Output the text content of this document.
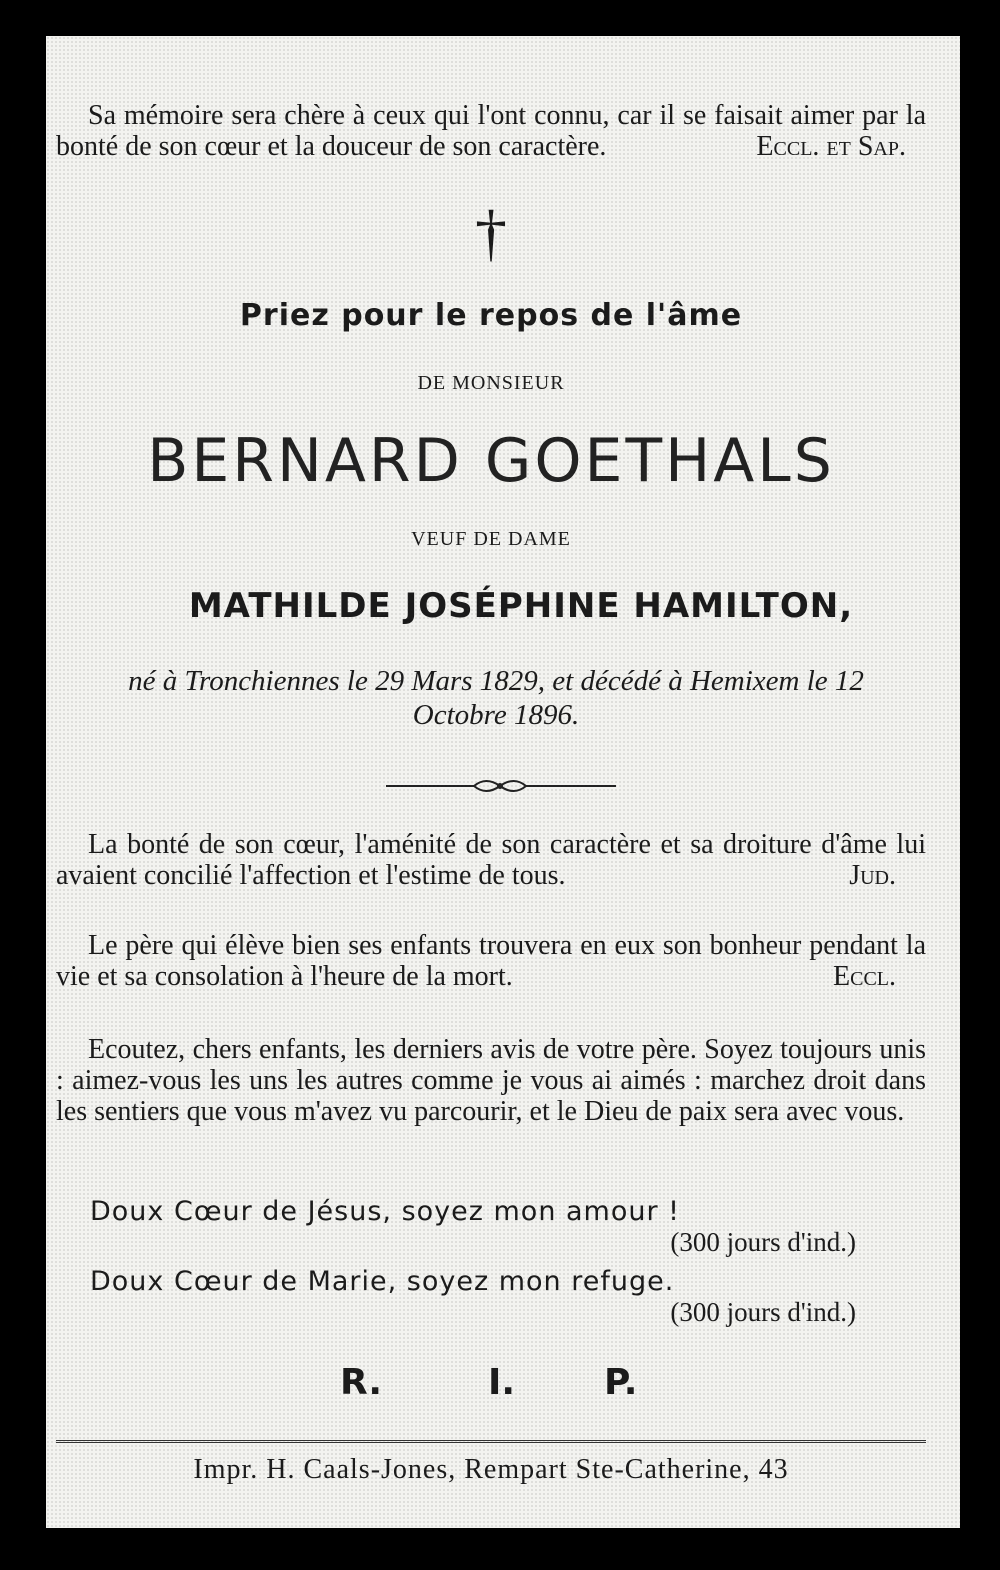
Sa mémoire sera chère à ceux qui l'ont connu, car il se faisait aimer par la bonté de son cœur et la douceur de son caractère.	Eccl. et Sap.
†
Priez pour le repos de l'âme
DE MONSIEUR
BERNARD GOETHALS
VEUF DE DAME
MATHILDE JOSÉPHINE HAMILTON,
né à Tronchiennes le 29 Mars 1829, et décédé à Hemixem le 12 Octobre 1896.

La bonté de son cœur, l'aménité de son caractère et sa droiture d'âme lui avaient concilié l'affection et l'estime de tous.	Jud.

Le père qui élève bien ses enfants trouvera en eux son bonheur pendant la vie et sa consolation à l'heure de la mort.	Eccl.

Ecoutez, chers enfants, les derniers avis de votre père. Soyez toujours unis : aimez-vous les uns les autres comme je vous ai aimés : marchez droit dans les sentiers que vous m'avez vu parcourir, et le Dieu de paix sera avec vous.

Doux Cœur de Jésus, soyez mon amour !
(300 jours d'ind.)
Doux Cœur de Marie, soyez mon refuge.
(300 jours d'ind.)
R.	I. P.
Impr. H. Caals-Jones, Rempart Ste-Catherine, 43
